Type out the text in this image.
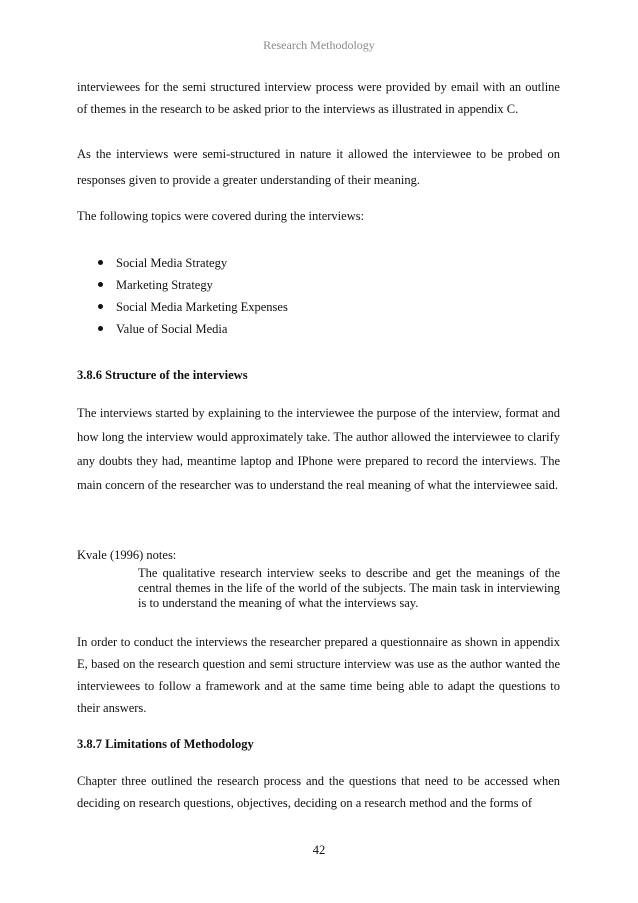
Research Methodology

interviewees for the semi structured interview process were provided by email with an outline of themes in the research to be asked prior to the interviews as illustrated in appendix C.

As the interviews were semi-structured in nature it allowed the interviewee to be probed on responses given to provide a greater understanding of their meaning.

The following topics were covered during the interviews:

Social Media Strategy
Marketing Strategy
Social Media Marketing Expenses
Value of Social Media
3.8.6 Structure of the interviews

The interviews started by explaining to the interviewee the purpose of the interview, format and how long the interview would approximately take. The author allowed the interviewee to clarify any doubts they had, meantime laptop and IPhone were prepared to record the interviews. The main concern of the researcher was to understand the real meaning of what the interviewee said.

Kvale (1996) notes:

The qualitative research interview seeks to describe and get the meanings of the central themes in the life of the world of the subjects. The main task in interviewing is to understand the meaning of what the interviews say.

In order to conduct the interviews the researcher prepared a questionnaire as shown in appendix E, based on the research question and semi structure interview was use as the author wanted the interviewees to follow a framework and at the same time being able to adapt the questions to their answers.

3.8.7 Limitations of Methodology

Chapter three outlined the research process and the questions that need to be accessed when deciding on research questions, objectives, deciding on a research method and the forms of

42
